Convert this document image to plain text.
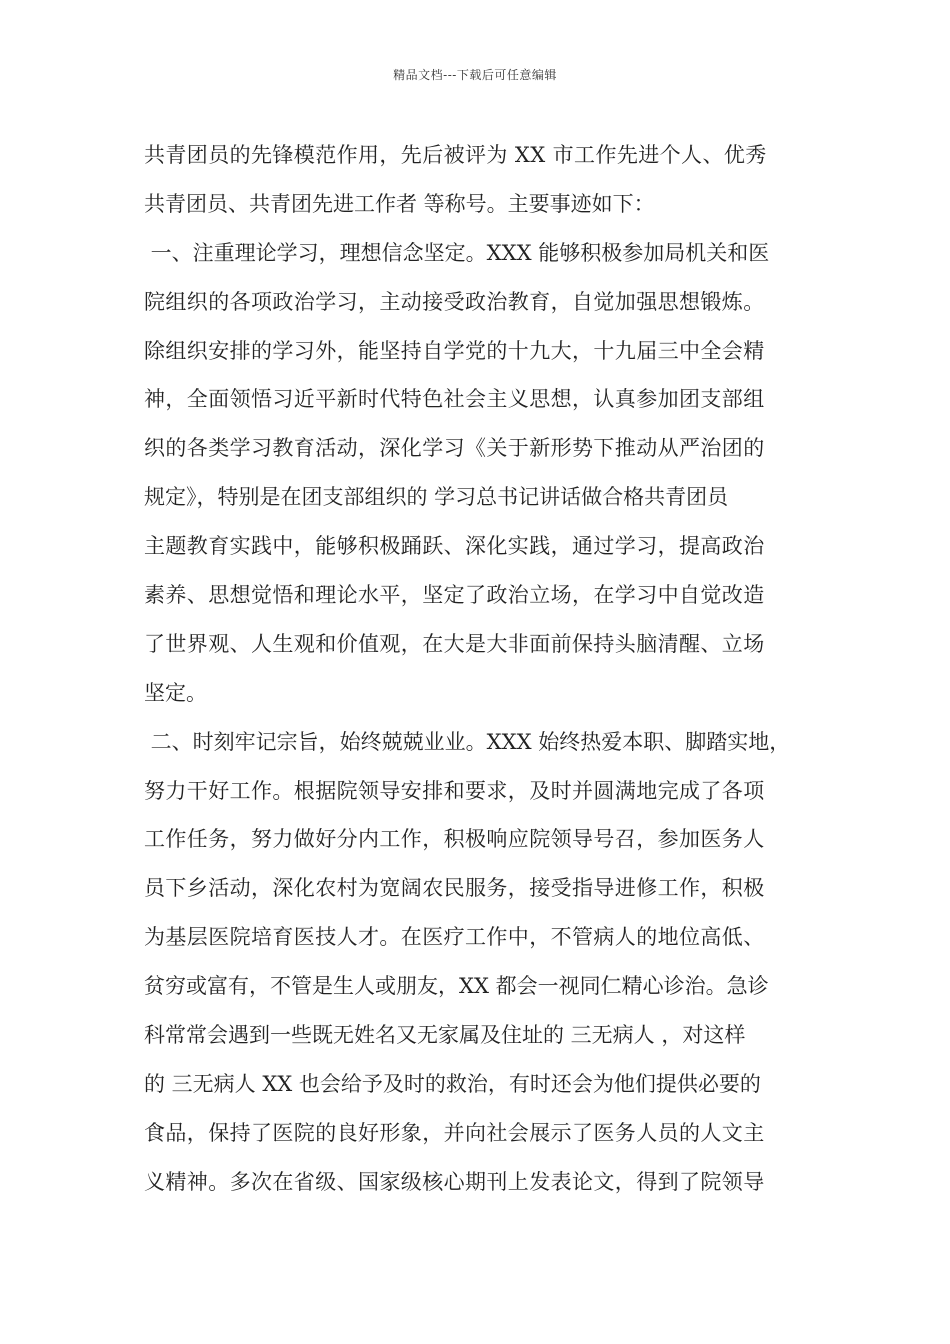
精品文档---下载后可任意编辑
共青团员的先锋模范作用，先后被评为 XX 市工作先进个人、优秀
共青团员、共青团先进工作者 等称号。主要事迹如下：
一、注重理论学习，理想信念坚定。XXX 能够积极参加局机关和医
院组织的各项政治学习，主动接受政治教育，自觉加强思想锻炼。
除组织安排的学习外，能坚持自学党的十九大，十九届三中全会精
神，全面领悟习近平新时代特色社会主义思想，认真参加团支部组
织的各类学习教育活动，深化学习《关于新形势下推动从严治团的
规定》，特别是在团支部组织的 学习总书记讲话做合格共青团员
主题教育实践中，能够积极踊跃、深化实践，通过学习，提高政治
素养、思想觉悟和理论水平，坚定了政治立场，在学习中自觉改造
了世界观、人生观和价值观，在大是大非面前保持头脑清醒、立场
坚定。
二、时刻牢记宗旨，始终兢兢业业。XXX 始终热爱本职、脚踏实地，
努力干好工作。根据院领导安排和要求，及时并圆满地完成了各项
工作任务，努力做好分内工作，积极响应院领导号召，参加医务人
员下乡活动，深化农村为宽阔农民服务，接受指导进修工作，积极
为基层医院培育医技人才。在医疗工作中，不管病人的地位高低、
贫穷或富有，不管是生人或朋友，XX 都会一视同仁精心诊治。急诊
科常常会遇到一些既无姓名又无家属及住址的 三无病人 ，对这样
的 三无病人 XX 也会给予及时的救治，有时还会为他们提供必要的
食品，保持了医院的良好形象，并向社会展示了医务人员的人文主
义精神。多次在省级、国家级核心期刊上发表论文，得到了院领导
